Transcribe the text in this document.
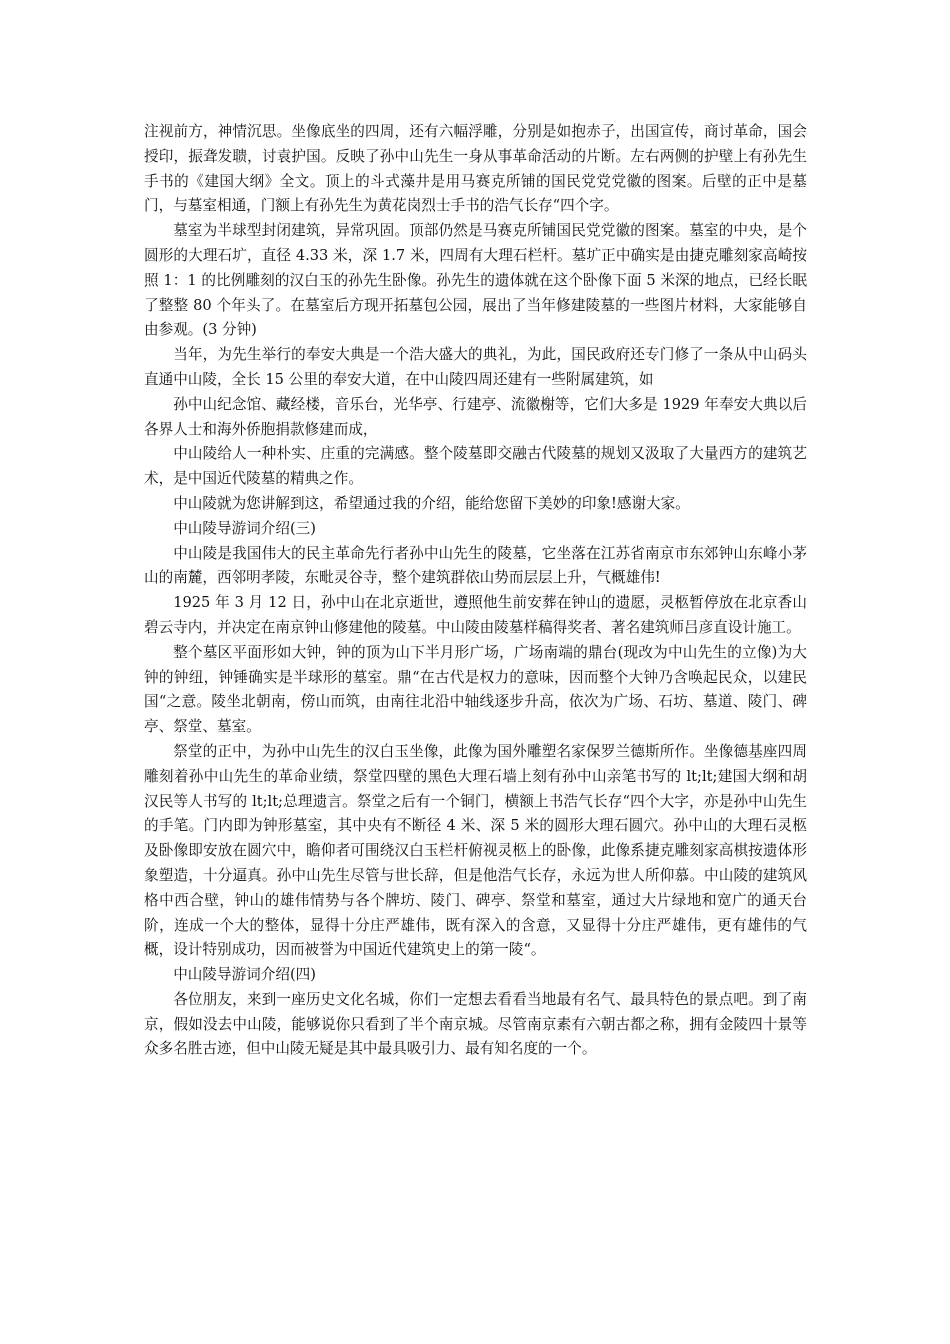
注视前方，神情沉思。坐像底坐的四周，还有六幅浮雕，分别是如抱赤子，出国宣传，商讨革命，国会授印，振聋发聩，讨袁护国。反映了孙中山先生一身从事革命活动的片断。左右两侧的护壁上有孙先生手书的《建国大纲》全文。顶上的斗式藻井是用马赛克所铺的国民党党党徽的图案。后壁的正中是墓门，与墓室相通，门额上有孙先生为黄花岗烈士手书的浩气长存“四个字。

墓室为半球型封闭建筑，异常巩固。顶部仍然是马赛克所铺国民党党徽的图案。墓室的中央，是个圆形的大理石圹，直径 4.33 米，深 1.7 米，四周有大理石栏杆。墓圹正中确实是由捷克雕刻家高崎按照 1：1 的比例雕刻的汉白玉的孙先生卧像。孙先生的遗体就在这个卧像下面 5 米深的地点，已经长眠了整整 80 个年头了。在墓室后方现开拓墓包公园，展出了当年修建陵墓的一些图片材料，大家能够自由参观。(3 分钟)

当年，为先生举行的奉安大典是一个浩大盛大的典礼，为此，国民政府还专门修了一条从中山码头直通中山陵，全长 15 公里的奉安大道，在中山陵四周还建有一些附属建筑，如

孙中山纪念馆、藏经楼，音乐台，光华亭、行建亭、流徽榭等，它们大多是 1929 年奉安大典以后各界人士和海外侨胞捐款修建而成，

中山陵给人一种朴实、庄重的完满感。整个陵墓即交融古代陵墓的规划又汲取了大量西方的建筑艺术，是中国近代陵墓的精典之作。

中山陵就为您讲解到这，希望通过我的介绍，能给您留下美妙的印象!感谢大家。

中山陵导游词介绍(三)

中山陵是我国伟大的民主革命先行者孙中山先生的陵墓，它坐落在江苏省南京市东郊钟山东峰小茅山的南麓，西邻明孝陵，东毗灵谷寺，整个建筑群依山势而层层上升，气概雄伟!

1925 年 3 月 12 日，孙中山在北京逝世，遵照他生前安葬在钟山的遗愿，灵柩暂停放在北京香山碧云寺内，并决定在南京钟山修建他的陵墓。中山陵由陵墓样稿得奖者、著名建筑师吕彦直设计施工。

整个墓区平面形如大钟，钟的顶为山下半月形广场，广场南端的鼎台(现改为中山先生的立像)为大钟的钟纽，钟锤确实是半球形的墓室。鼎“在古代是权力的意味，因而整个大钟乃含唤起民众，以建民国“之意。陵坐北朝南，傍山而筑，由南往北沿中轴线逐步升高，依次为广场、石坊、墓道、陵门、碑亭、祭堂、墓室。

祭堂的正中，为孙中山先生的汉白玉坐像，此像为国外雕塑名家保罗兰德斯所作。坐像德基座四周雕刻着孙中山先生的革命业绩，祭堂四壁的黑色大理石墙上刻有孙中山亲笔书写的 lt;lt;建国大纲和胡汉民等人书写的 lt;lt;总理遗言。祭堂之后有一个铜门，横额上书浩气长存“四个大字，亦是孙中山先生的手笔。门内即为钟形墓室，其中央有不断径 4 米、深 5 米的圆形大理石圆穴。孙中山的大理石灵柩及卧像即安放在圆穴中，瞻仰者可围绕汉白玉栏杆俯视灵柩上的卧像，此像系捷克雕刻家高棋按遗体形象塑造，十分逼真。孙中山先生尽管与世长辞，但是他浩气长存，永远为世人所仰慕。中山陵的建筑风格中西合壁，钟山的雄伟情势与各个牌坊、陵门、碑亭、祭堂和墓室，通过大片绿地和宽广的通天台阶，连成一个大的整体，显得十分庄严雄伟，既有深入的含意，又显得十分庄严雄伟，更有雄伟的气概，设计特别成功，因而被誉为中国近代建筑史上的第一陵“。

中山陵导游词介绍(四)

各位朋友，来到一座历史文化名城，你们一定想去看看当地最有名气、最具特色的景点吧。到了南京，假如没去中山陵，能够说你只看到了半个南京城。尽管南京素有六朝古都之称，拥有金陵四十景等众多名胜古迹，但中山陵无疑是其中最具吸引力、最有知名度的一个。
